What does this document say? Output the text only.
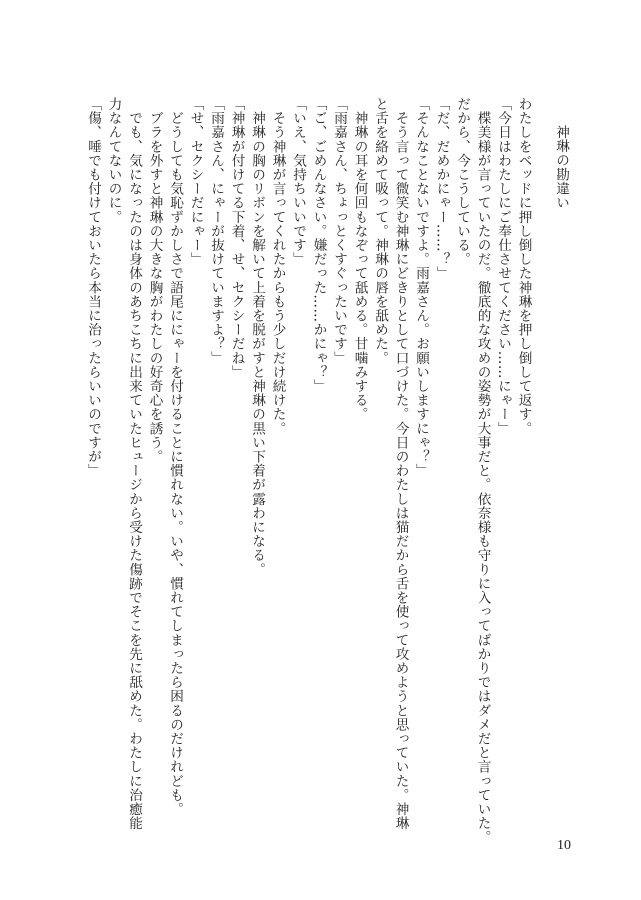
神琳の勘違い
わたしをベッドに押し倒した神琳を押し倒して返す。
「今日はわたしにご奉仕させてください……にゃー」
　楪美様が言っていたのだ。徹底的な攻めの姿勢が大事だと。依奈様も守りに入ってばかりではダメだと言っていた。
だから、今こうしている。
「だ、だめかにゃー……？」
「そんなことないですよ。雨嘉さん。お願いしますにゃ？」
　そう言って微笑む神琳にどきりとして口づけた。今日のわたしは猫だから舌を使って攻めようと思っていた。神琳
と舌を絡めて吸って。神琳の唇を舐めた。
　神琳の耳を何回もなぞって舐める。甘噛みする。
「雨嘉さん、ちょっとくすぐったいです」
「ご、ごめんなさい。嫌だった……かにゃ？」
「いえ、気持ちいいです」
　そう神琳が言ってくれたからもう少しだけ続けた。
　神琳の胸のリボンを解いて上着を脱がすと神琳の黒い下着が露わになる。
「神琳が付けてる下着、せ、セクシーだね」
「雨嘉さん、にゃーが抜けていますよ？」
「せ、セクシーだにゃー」
　どうしても気恥ずかしさで語尾ににゃーを付けることに慣れない。いや、慣れてしまったら困るのだけれども。
　ブラを外すと神琳の大きな胸がわたしの好奇心を誘う。
　でも、気になったのは身体のあちこちに出来ていたヒュージから受けた傷跡でそこを先に舐めた。わたしに治癒能
力なんてないのに。
「傷、唾でも付けておいたら本当に治ったらいいのですが」
10
